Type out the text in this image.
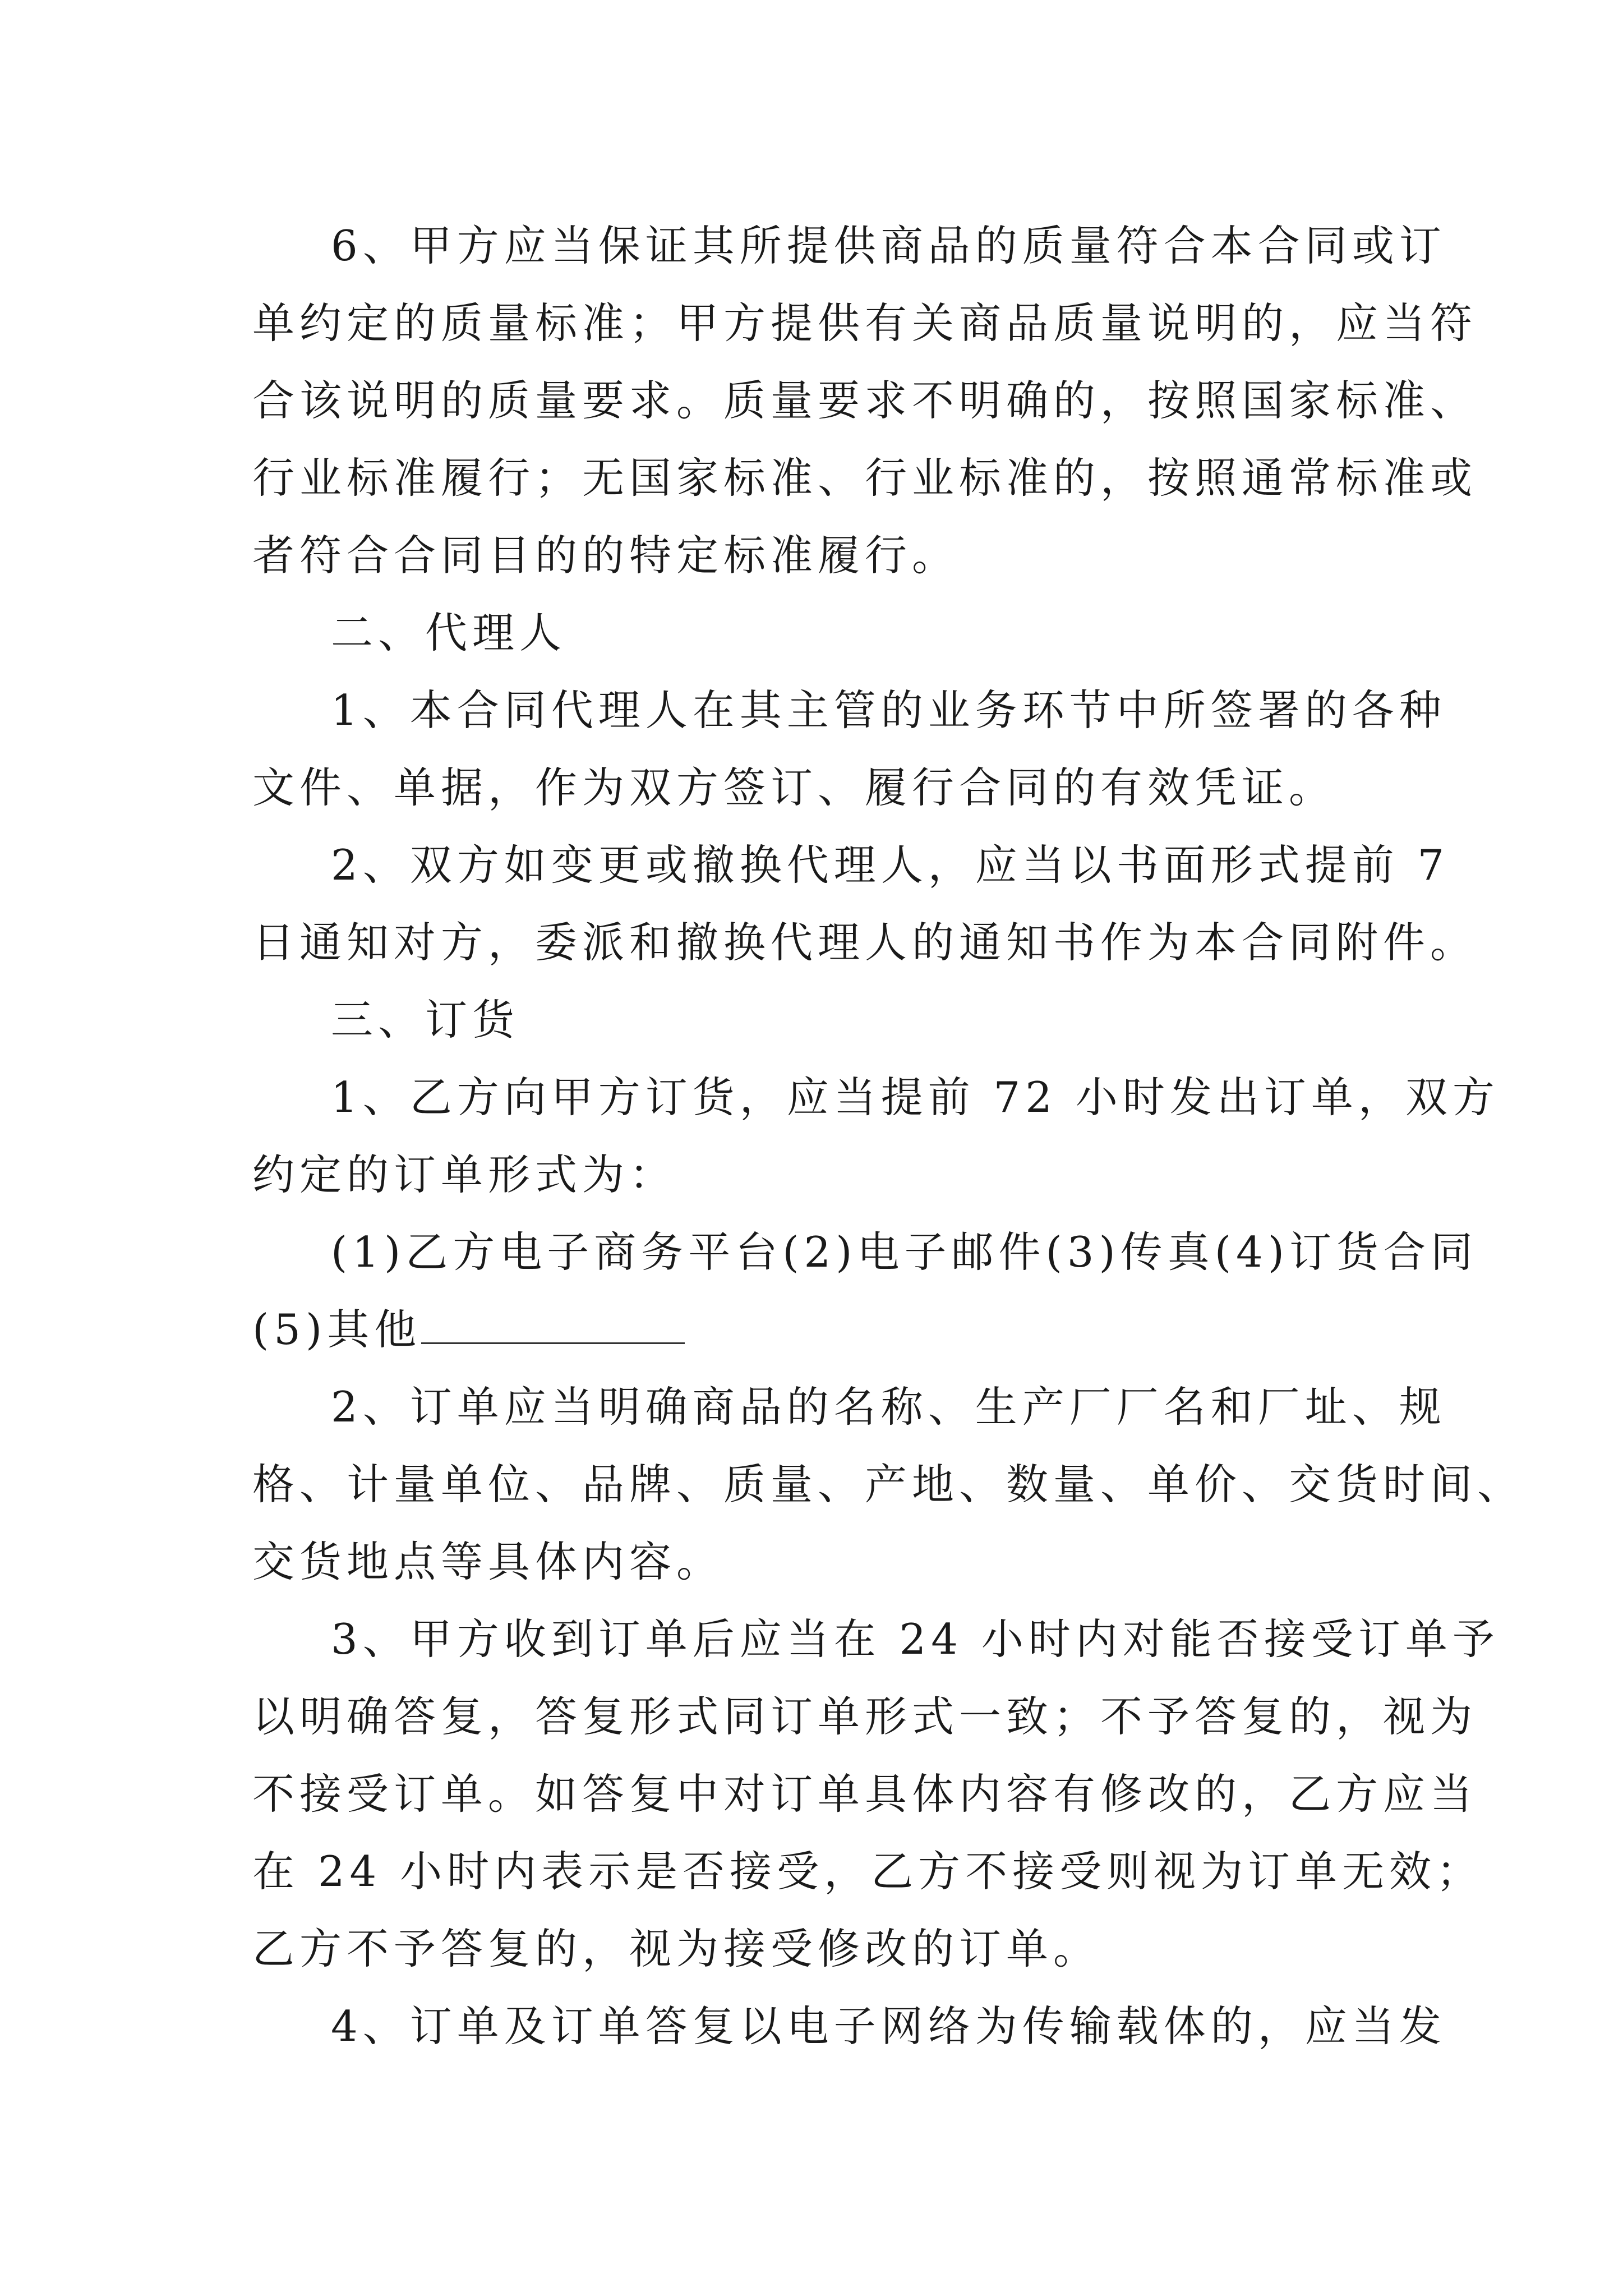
6、甲方应当保证其所提供商品的质量符合本合同或订
单约定的质量标准；甲方提供有关商品质量说明的，应当符
合该说明的质量要求。质量要求不明确的，按照国家标准、
行业标准履行；无国家标准、行业标准的，按照通常标准或
者符合合同目的的特定标准履行。
二、代理人
1、本合同代理人在其主管的业务环节中所签署的各种
文件、单据，作为双方签订、履行合同的有效凭证。
2、双方如变更或撤换代理人，应当以书面形式提前 7
日通知对方，委派和撤换代理人的通知书作为本合同附件。
三、订货
1、乙方向甲方订货，应当提前 72 小时发出订单，双方
约定的订单形式为：
(1)乙方电子商务平台(2)电子邮件(3)传真(4)订货合同
(5)其他
2、订单应当明确商品的名称、生产厂厂名和厂址、规
格、计量单位、品牌、质量、产地、数量、单价、交货时间、
交货地点等具体内容。
3、甲方收到订单后应当在 24 小时内对能否接受订单予
以明确答复，答复形式同订单形式一致；不予答复的，视为
不接受订单。如答复中对订单具体内容有修改的，乙方应当
在 24 小时内表示是否接受，乙方不接受则视为订单无效；
乙方不予答复的，视为接受修改的订单。
4、订单及订单答复以电子网络为传输载体的，应当发
